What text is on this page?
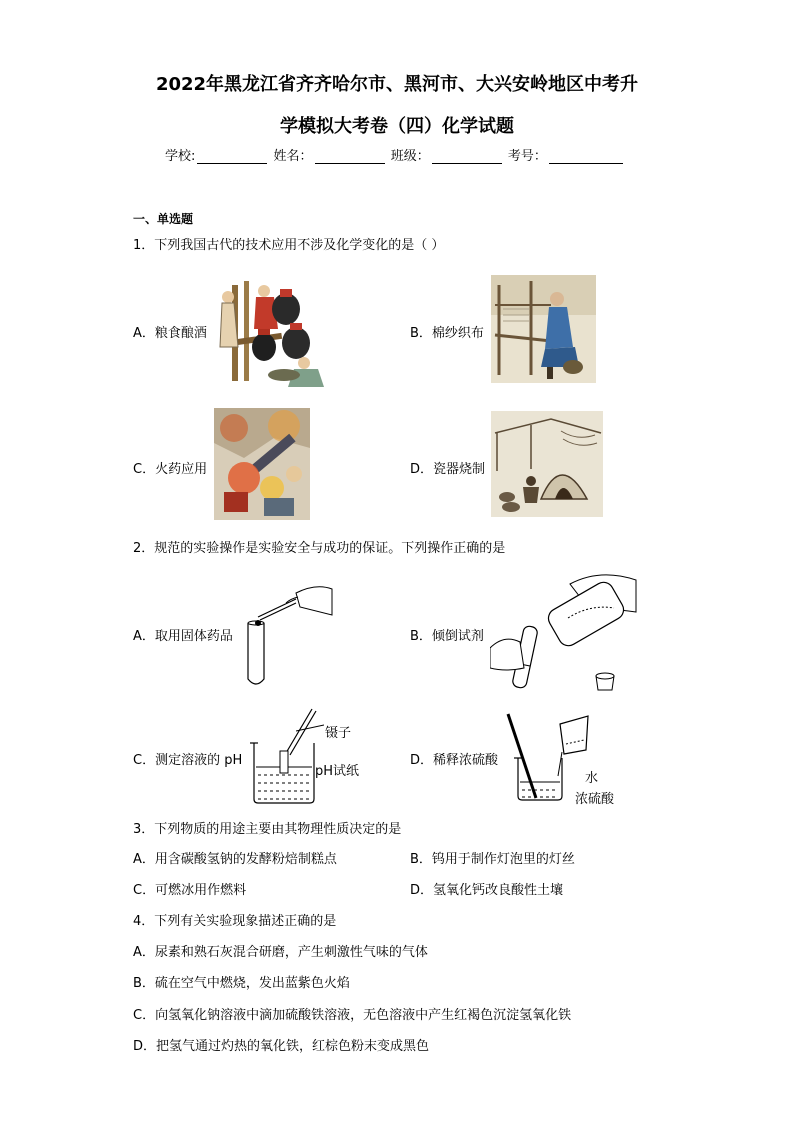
2022年黑龙江省齐齐哈尔市、黑河市、大兴安岭地区中考升
学模拟大考卷（四）化学试题
学校:	姓名：	班级：	考号：
一、单选题
1．下列我国古代的技术应用不涉及化学变化的是（ ）
A．粮食酿酒	B．棉纱织布
C．火药应用	D．瓷器烧制
2．规范的实验操作是实验安全与成功的保证。下列操作正确的是
A．取用固体药品	B．倾倒试剂
C．测定溶液的 pH
镊子
pH试纸
D．稀释浓硫酸
水
浓硫酸
3．下列物质的用途主要由其物理性质决定的是
A．用含碳酸氢钠的发酵粉焙制糕点	B．钨用于制作灯泡里的灯丝
C．可燃冰用作燃料	D．氢氧化钙改良酸性土壤
4．下列有关实验现象描述正确的是
A．尿素和熟石灰混合研磨，产生刺激性气味的气体
B．硫在空气中燃烧，发出蓝紫色火焰
C．向氢氧化钠溶液中滴加硫酸铁溶液，无色溶液中产生红褐色沉淀氢氧化铁
D．把氢气通过灼热的氧化铁，红棕色粉末变成黑色
